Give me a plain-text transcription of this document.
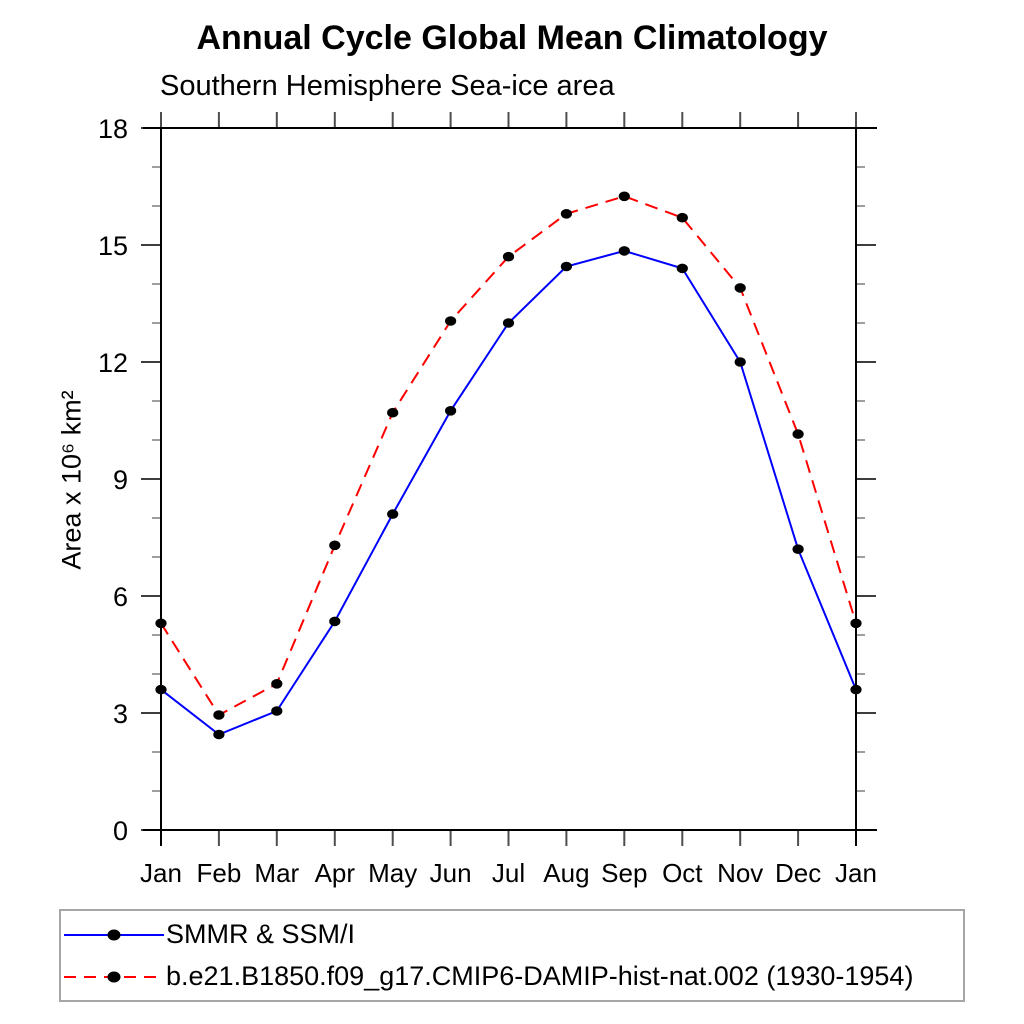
Annual Cycle Global Mean Climatology
Southern Hemisphere Sea-ice area
Area x 10⁶ km²
Jan Feb Mar Apr May Jun Jul Aug Sep Oct Nov Dec Jan
0
3
6
9
12
15
18
SMMR & SSM/I
b.e21.B1850.f09_g17.CMIP6-DAMIP-hist-nat.002 (1930-1954)
